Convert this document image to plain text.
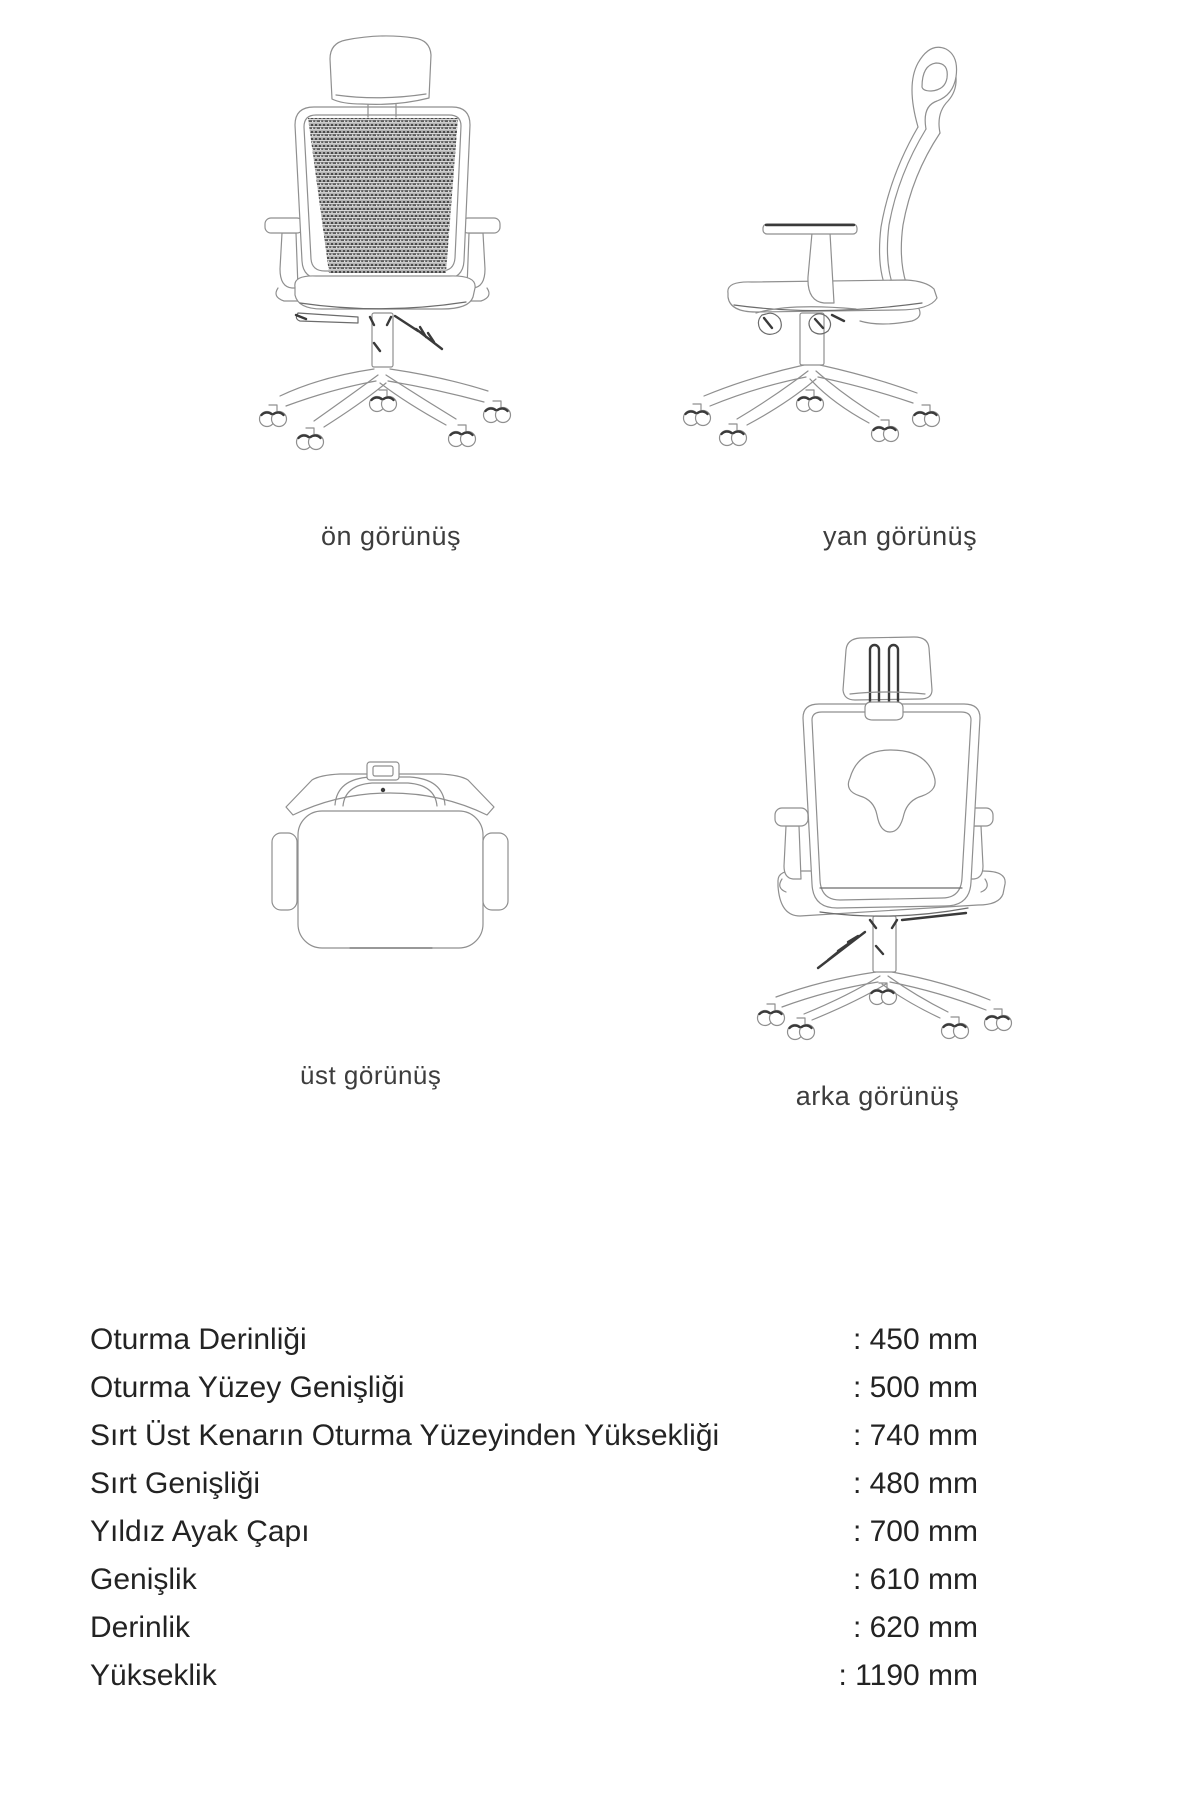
ön görünüş	yan görünüş
üst görünüş
arka görünüş
Oturma Derinliği	: 450 mm
Oturma Yüzey Genişliği	: 500 mm
Sırt Üst Kenarın Oturma Yüzeyinden Yüksekliği	: 740 mm
Sırt Genişliği	: 480 mm
Yıldız Ayak Çapı	: 700 mm
Genişlik	: 610 mm
Derinlik	: 620 mm
Yükseklik	: 1190 mm
